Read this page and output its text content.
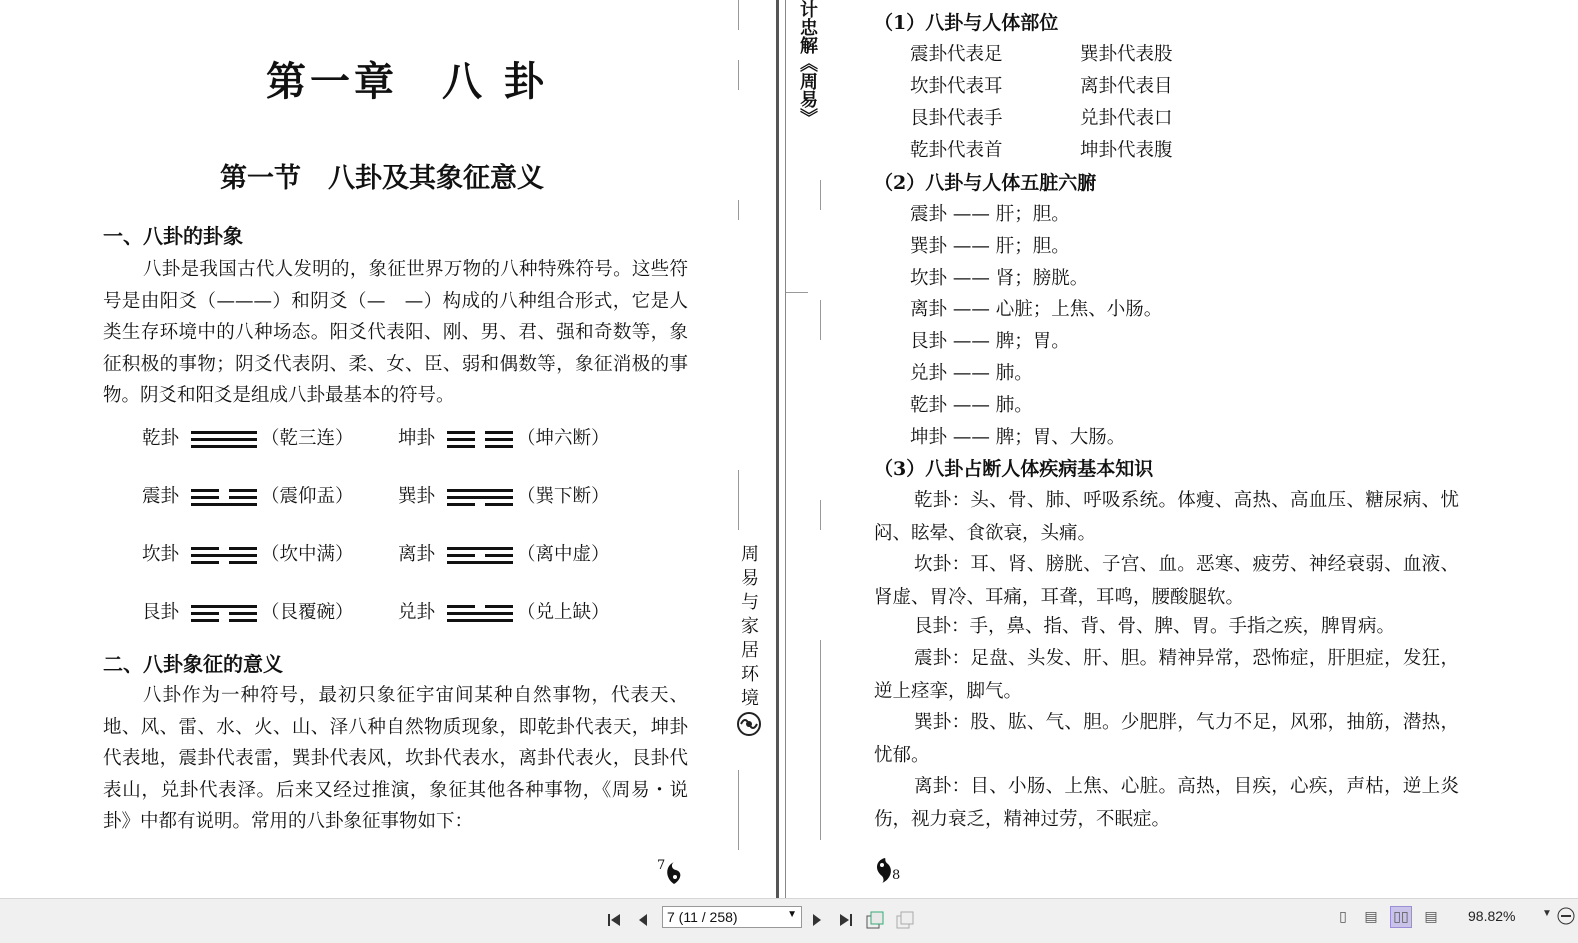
第一章　八 卦
第一节　八卦及其象征意义
一、八卦的卦象
八卦是我国古代人发明的，象征世界万物的八种特殊符号。这些符号是由阳爻（———）和阴爻（—　—）构成的八种组合形式，它是人类生存环境中的八种场态。阳爻代表阳、刚、男、君、强和奇数等，象征积极的事物；阴爻代表阴、柔、女、臣、弱和偶数等，象征消极的事物。阴爻和阳爻是组成八卦最基本的符号。
乾卦	（乾三连） 坤卦	（坤六断）
震卦	（震仰盂） 巽卦	（巽下断）
坎卦	（坎中满） 离卦	（离中虚）
艮卦	（艮覆碗） 兑卦	（兑上缺）
二、八卦象征的意义
八卦作为一种符号，最初只象征宇宙间某种自然事物，代表天、地、风、雷、水、火、山、泽八种自然物质现象，即乾卦代表天，坤卦代表地，震卦代表雷，巽卦代表风，坎卦代表水，离卦代表火，艮卦代表山，兑卦代表泽。后来又经过推演，象征其他各种事物，《周易・说卦》中都有说明。常用的八卦象征事物如下：
周
易
与
家
居
环
境
7
计忠解《周易》	（1）八卦与人体部位
震卦代表足	巽卦代表股
坎卦代表耳	离卦代表目
艮卦代表手	兑卦代表口
乾卦代表首	坤卦代表腹
（2）八卦与人体五脏六腑
震卦 —— 肝；胆。
巽卦 —— 肝；胆。
坎卦 —— 肾；膀胱。
离卦 —— 心脏；上焦、小肠。
艮卦 —— 脾；胃。
兑卦 —— 肺。
乾卦 —— 肺。
坤卦 —— 脾；胃、大肠。
（3）八卦占断人体疾病基本知识
乾卦：头、骨、肺、呼吸系统。体瘦、高热、高血压、糖尿病、忧闷、眩晕、食欲衰，头痛。
坎卦：耳、肾、膀胱、子宫、血。恶寒、疲劳、神经衰弱、血液、肾虚、胃冷、耳痛，耳聋，耳鸣，腰酸腿软。
艮卦：手，鼻、指、背、骨、脾、胃。手指之疾，脾胃病。
震卦：足盘、头发、肝、胆。精神异常，恐怖症，肝胆症，发狂，逆上痉挛，脚气。
巽卦：股、肱、气、胆。少肥胖，气力不足，风邪，抽筋，潜热，忧郁。
离卦：目、小肠、上焦、心脏。高热，目疾，心疾，声枯，逆上炎伤，视力衰乏，精神过劳，不眠症。
8
7 (11 / 258)	▼	▯	▤	▯▯	▤	98.82%	▼
